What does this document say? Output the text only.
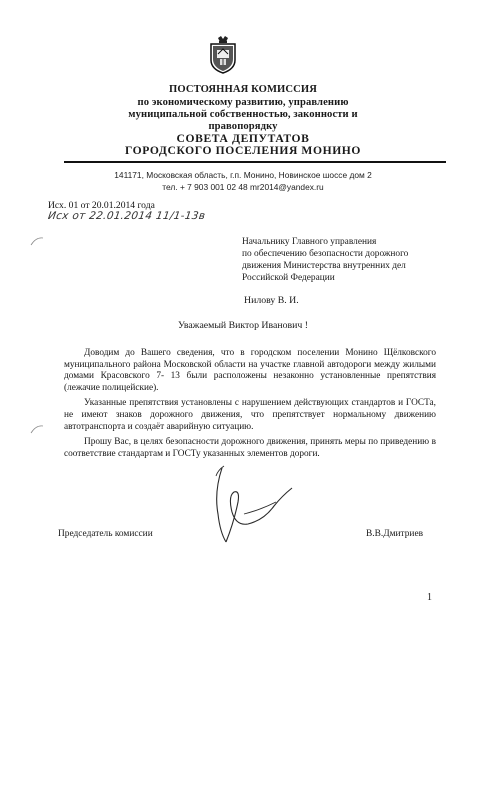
ПОСТОЯННАЯ КОМИССИЯ
по экономическому развитию, управлению
муниципальной собственностью, законности и
правопорядку
СОВЕТА ДЕПУТАТОВ
ГОРОДСКОГО ПОСЕЛЕНИЯ МОНИНО
141171, Московская область, г.п. Монино, Новинское шоссе дом 2
тел. + 7 903 001 02 48 mr2014@yandex.ru
Исх. 01 от 20.01.2014 года
Исх от 22.01.2014 11/1-13в
Начальнику Главного управления
по обеспечению безопасности дорожного
движения Министерства внутренних дел
Российской Федерации
Нилову В. И.
Уважаемый Виктор Иванович !

Доводим до Вашего сведения, что в городском поселении Монино Щёлковского муниципального района Московской области на участке главной автодороги между жилыми домами Красовского 7- 13 были расположены незаконно установленные препятствия (лежачие полицейские).

Указанные препятствия установлены с нарушением действующих стандартов и ГОСТа, не имеют знаков дорожного движения, что препятствует нормальному движению автотранспорта и создаёт аварийную ситуацию.

Прошу Вас, в целях безопасности дорожного движения, принять меры по приведению в соответствие стандартам и ГОСТу указанных элементов дороги.

Председатель комиссии	В.В.Дмитриев
1
